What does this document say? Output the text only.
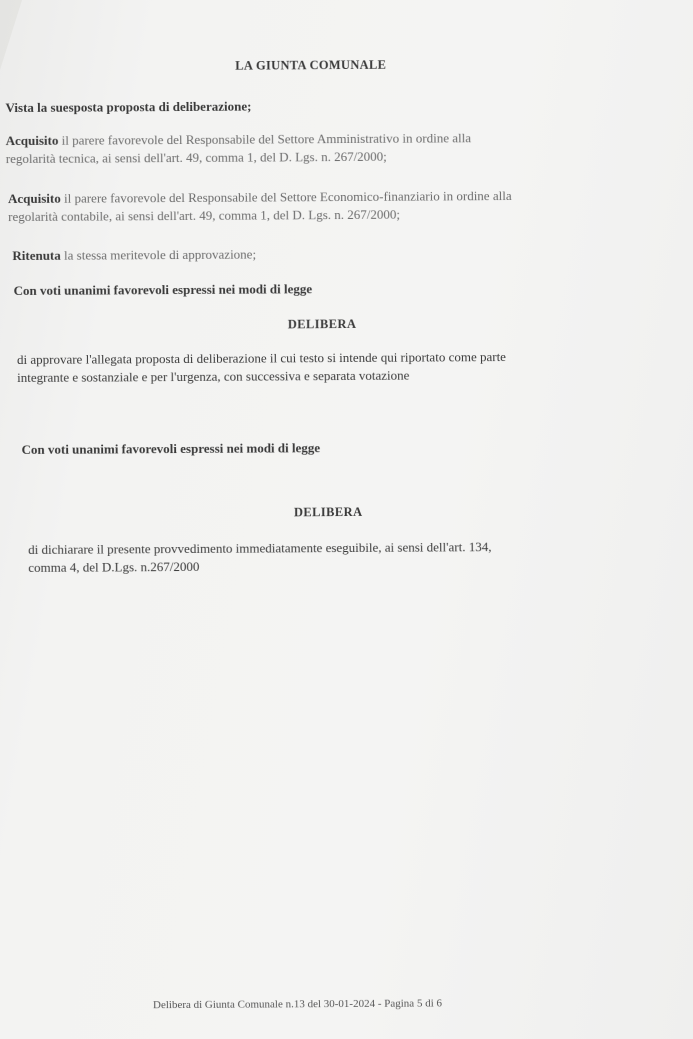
LA GIUNTA COMUNALE
Vista la suesposta proposta di deliberazione;
Acquisito il parere favorevole del Responsabile del Settore Amministrativo in ordine alla
regolarità tecnica, ai sensi dell'art. 49, comma 1, del D. Lgs. n. 267/2000;
Acquisito il parere favorevole del Responsabile del Settore Economico-finanziario in ordine alla
regolarità contabile, ai sensi dell'art. 49, comma 1, del D. Lgs. n. 267/2000;
Ritenuta la stessa meritevole di approvazione;
Con voti unanimi favorevoli espressi nei modi di legge
DELIBERA
di approvare l'allegata proposta di deliberazione il cui testo si intende qui riportato come parte
integrante e sostanziale e per l'urgenza, con successiva e separata votazione
Con voti unanimi favorevoli espressi nei modi di legge
DELIBERA
di dichiarare il presente provvedimento immediatamente eseguibile, ai sensi dell'art. 134,
comma 4, del D.Lgs. n.267/2000
Delibera di Giunta Comunale n.13 del 30-01-2024 - Pagina 5 di 6
